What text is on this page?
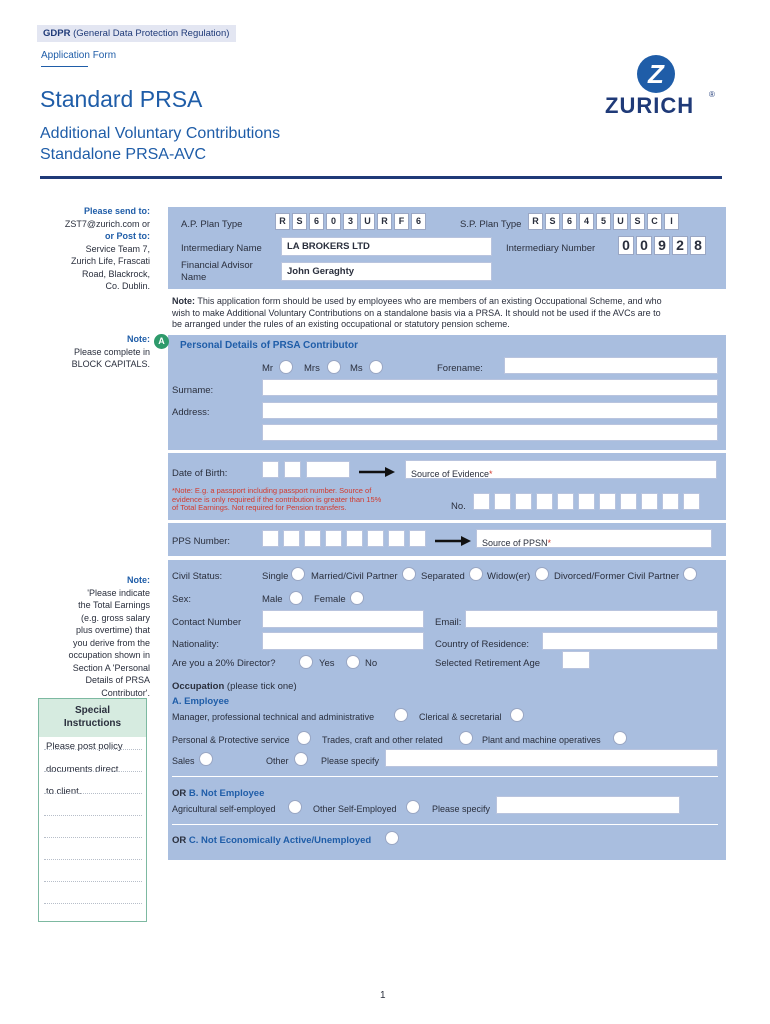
GDPR (General Data Protection Regulation)
Application Form
Standard PRSA
Additional Voluntary Contributions
Standalone PRSA-AVC
Z
ZURICH ®
Please send to:
ZST7@zurich.com or
or Post to:
Service Team 7,
Zurich Life, Frascati
Road, Blackrock,
Co. Dublin.
Note:
Please complete in
BLOCK CAPITALS.
Note:
'Please indicate
the Total Earnings
(e.g. gross salary
plus overtime) that
you derive from the
occupation shown in
Section A 'Personal
Details of PRSA
Contributor'.
Special
Instructions
Please post policy
documents direct
to client.
A.P. Plan Type	R	S	6	0	3	U	R	F	6	S.P. Plan Type	R	S	6	4	5	U	S	C	I
Intermediary Name	LA BROKERS LTD	Intermediary Number 0 0 9 2 8
Financial Advisor
Name
John Geraghty
Note: This application form should be used by employees who are members of an existing Occupational Scheme, and who
wish to make Additional Voluntary Contributions on a standalone basis via a PRSA. It should not be used if the AVCs are to
be arranged under the rules of an existing occupational or statutory pension scheme.
A	Personal Details of PRSA Contributor
Mr	Mrs	Ms	Forename:
Surname:
Address:
Date of Birth:	Source of Evidence*
*Note: E.g. a passport including passport number. Source of
evidence is only required if the contribution is greater than 15%
of Total Earnings. Not required for Pension transfers.	No.
PPS Number:	Source of PPSN*
Civil Status:	Single Married/Civil Partner Separated Widow(er) Divorced/Former Civil Partner
Sex:	Male	Female
Contact Number	Email:
Nationality:	Country of Residence:
Are you a 20% Director?	Yes	No	Selected Retirement Age
Occupation (please tick one)
A. Employee
Manager, professional technical and administrative	Clerical & secretarial
Personal & Protective service	Trades, craft and other related	Plant and machine operatives
Sales	Other	Please specify
OR B. Not Employee
Agricultural self-employed	Other Self-Employed	Please specify
OR C. Not Economically Active/Unemployed
1
